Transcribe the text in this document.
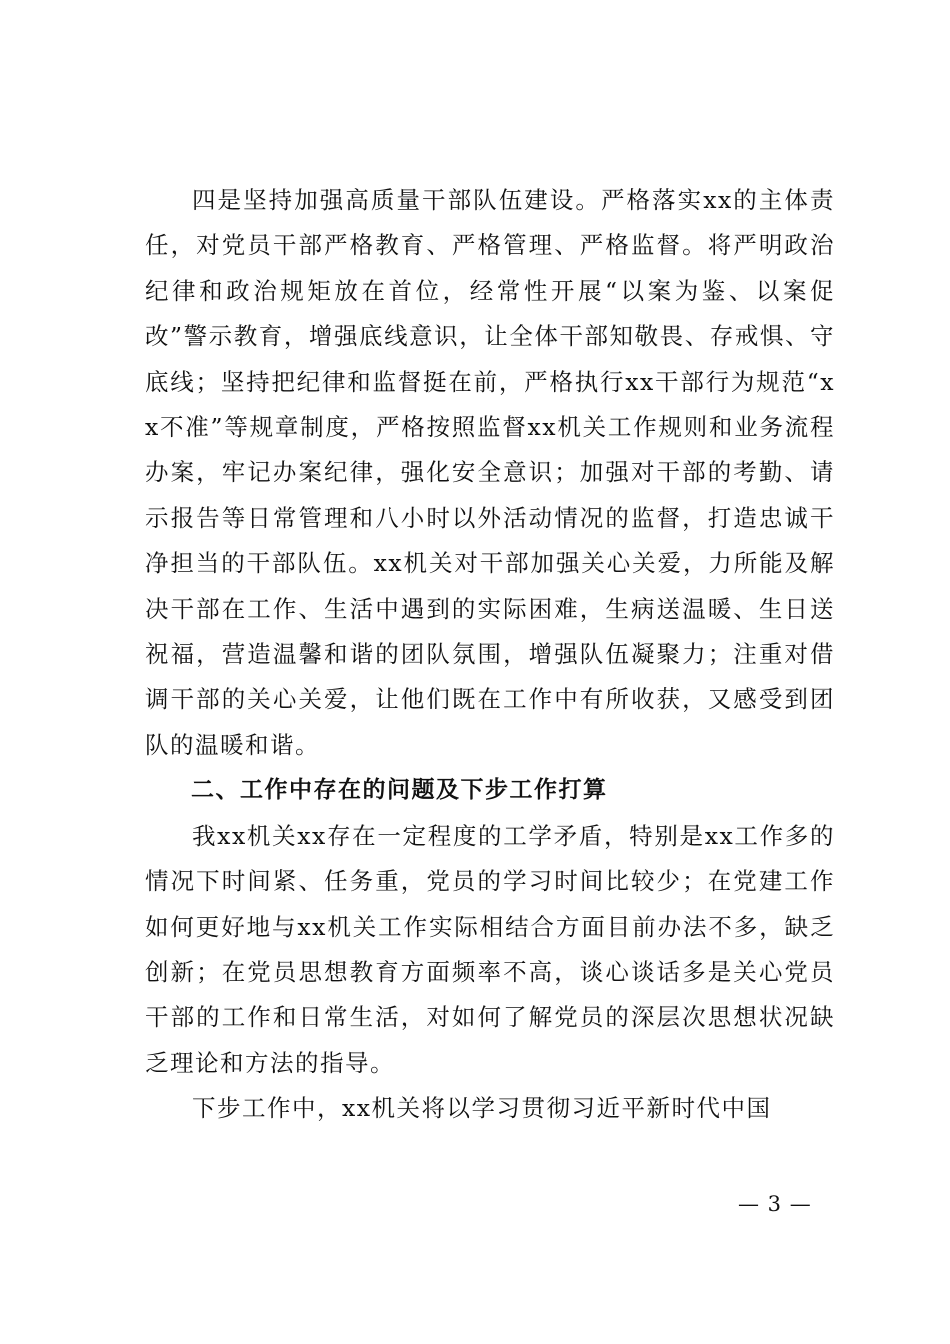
四是坚持加强高质量干部队伍建设。严格落实xx的主体责任，对党员干部严格教育、严格管理、严格监督。将严明政治纪律和政治规矩放在首位，经常性开展“以案为鉴、以案促改”警示教育，增强底线意识，让全体干部知敬畏、存戒惧、守底线；坚持把纪律和监督挺在前，严格执行xx干部行为规范“xx不准”等规章制度，严格按照监督xx机关工作规则和业务流程办案，牢记办案纪律，强化安全意识；加强对干部的考勤、请示报告等日常管理和八小时以外活动情况的监督，打造忠诚干净担当的干部队伍。xx机关对干部加强关心关爱，力所能及解决干部在工作、生活中遇到的实际困难，生病送温暖、生日送祝福，营造温馨和谐的团队氛围，增强队伍凝聚力；注重对借调干部的关心关爱，让他们既在工作中有所收获，又感受到团队的温暖和谐。

二、工作中存在的问题及下步工作打算

我xx机关xx存在一定程度的工学矛盾，特别是xx工作多的情况下时间紧、任务重，党员的学习时间比较少；在党建工作如何更好地与xx机关工作实际相结合方面目前办法不多，缺乏创新；在党员思想教育方面频率不高，谈心谈话多是关心党员干部的工作和日常生活，对如何了解党员的深层次思想状况缺乏理论和方法的指导。

下步工作中，xx机关将以学习贯彻习近平新时代中国

— 3 —
